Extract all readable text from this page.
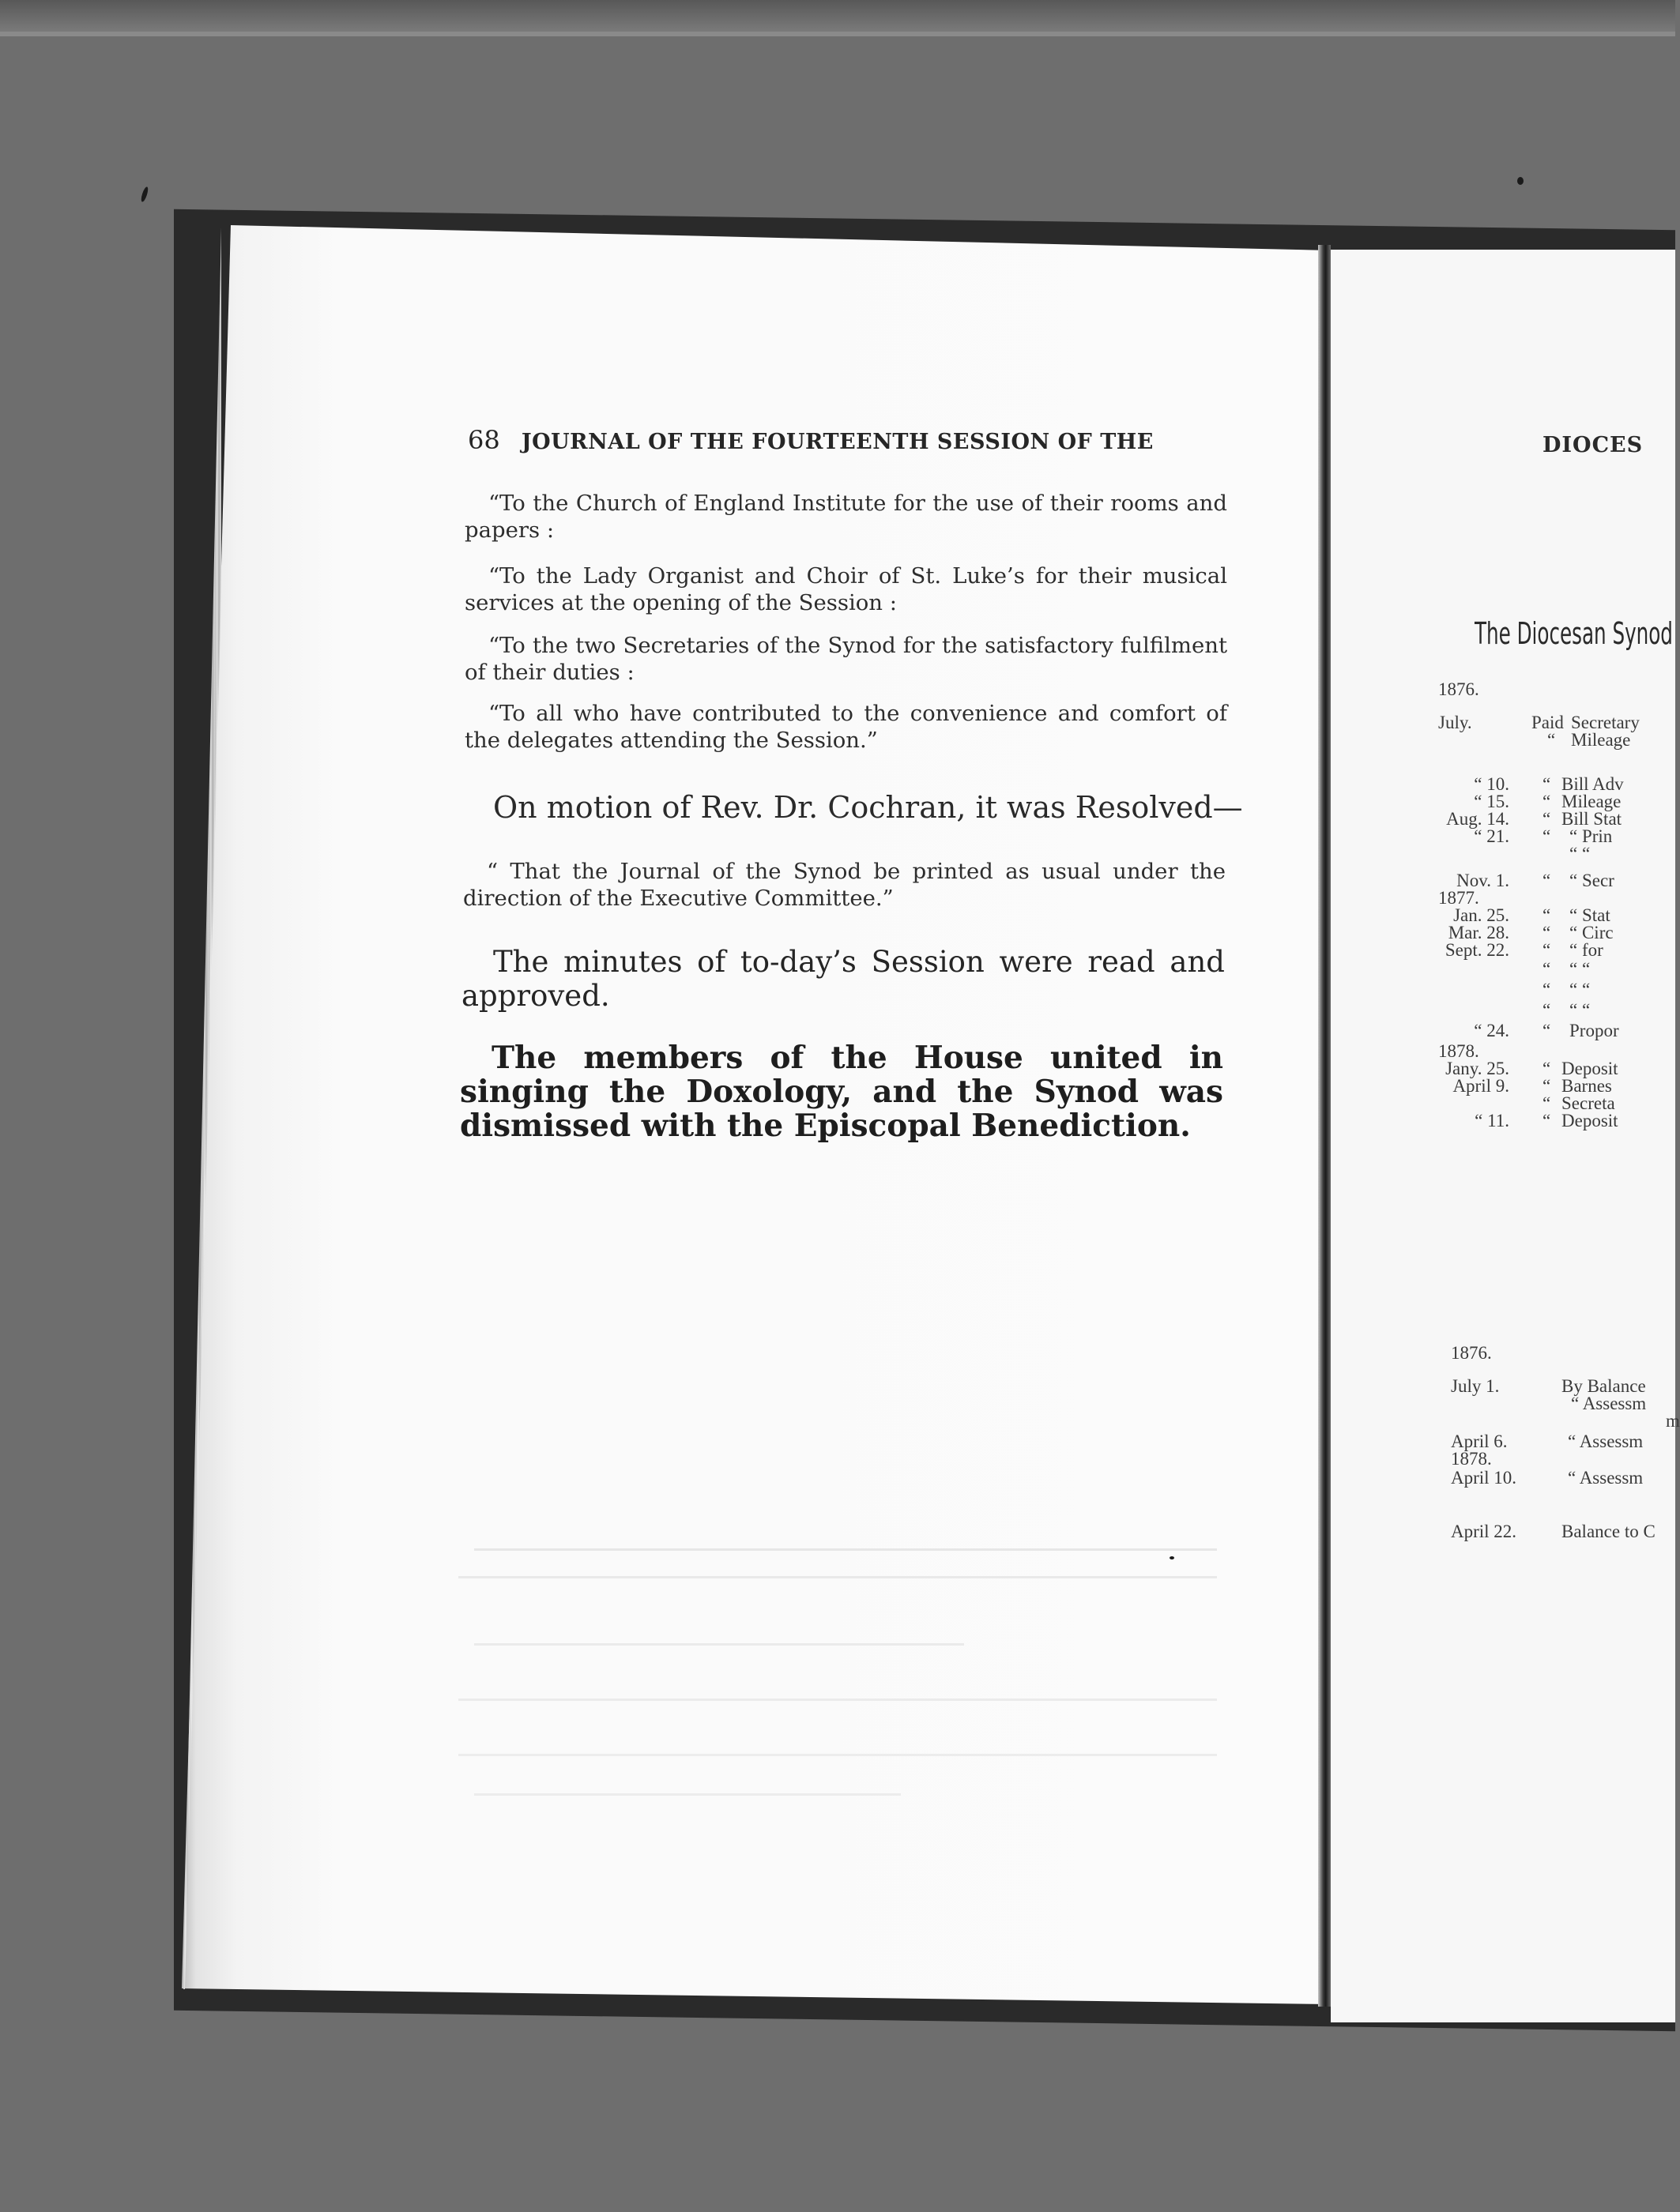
68 JOURNAL OF THE FOURTEENTH SESSION OF THE

“To the Church of England Institute for the use of their rooms and papers :

“To the Lady Organist and Choir of St. Luke’s for their musical services at the opening of the Session :

“To the two Secretaries of the Synod for the satisfactory fulfilment of their duties :

“To all who have contributed to the convenience and comfort of the delegates attending the Session.”

On motion of Rev. Dr. Cochran, it was Resolved—

“ That the Journal of the Synod be printed as usual under the direction of the Executive Committee.”

The minutes of to-day’s Session were read and approved.

The members of the House united in singing the Doxology, and the Synod was dismissed with the Episcopal Benediction.

DIOCES
The Diocesan Synod
1876.
July.	Paid Secretary
“ Mileage
“ 10. “ Bill Adv
“ 15. “ Mileage
Aug. 14. “ Bill Stat
“ 21. “	“ Prin
“ “
Nov. 1. “	“ Secr
1877.
Jan. 25. “	“ Stat
Mar. 28. “	“ Circ
Sept. 22. “	“ for
“	“ “
“	“ “
“	“ “
“ 24. “	Propor
1878.
Jany. 25. “ Deposit
April 9. “ Barnes
“ Secreta
“ 11. “ Deposit
1876.
July 1.	By Balance
“ Assessm
m
April 6.	“ Assessm
1878.
April 10.	“ Assessm
April 22. Balance to C
